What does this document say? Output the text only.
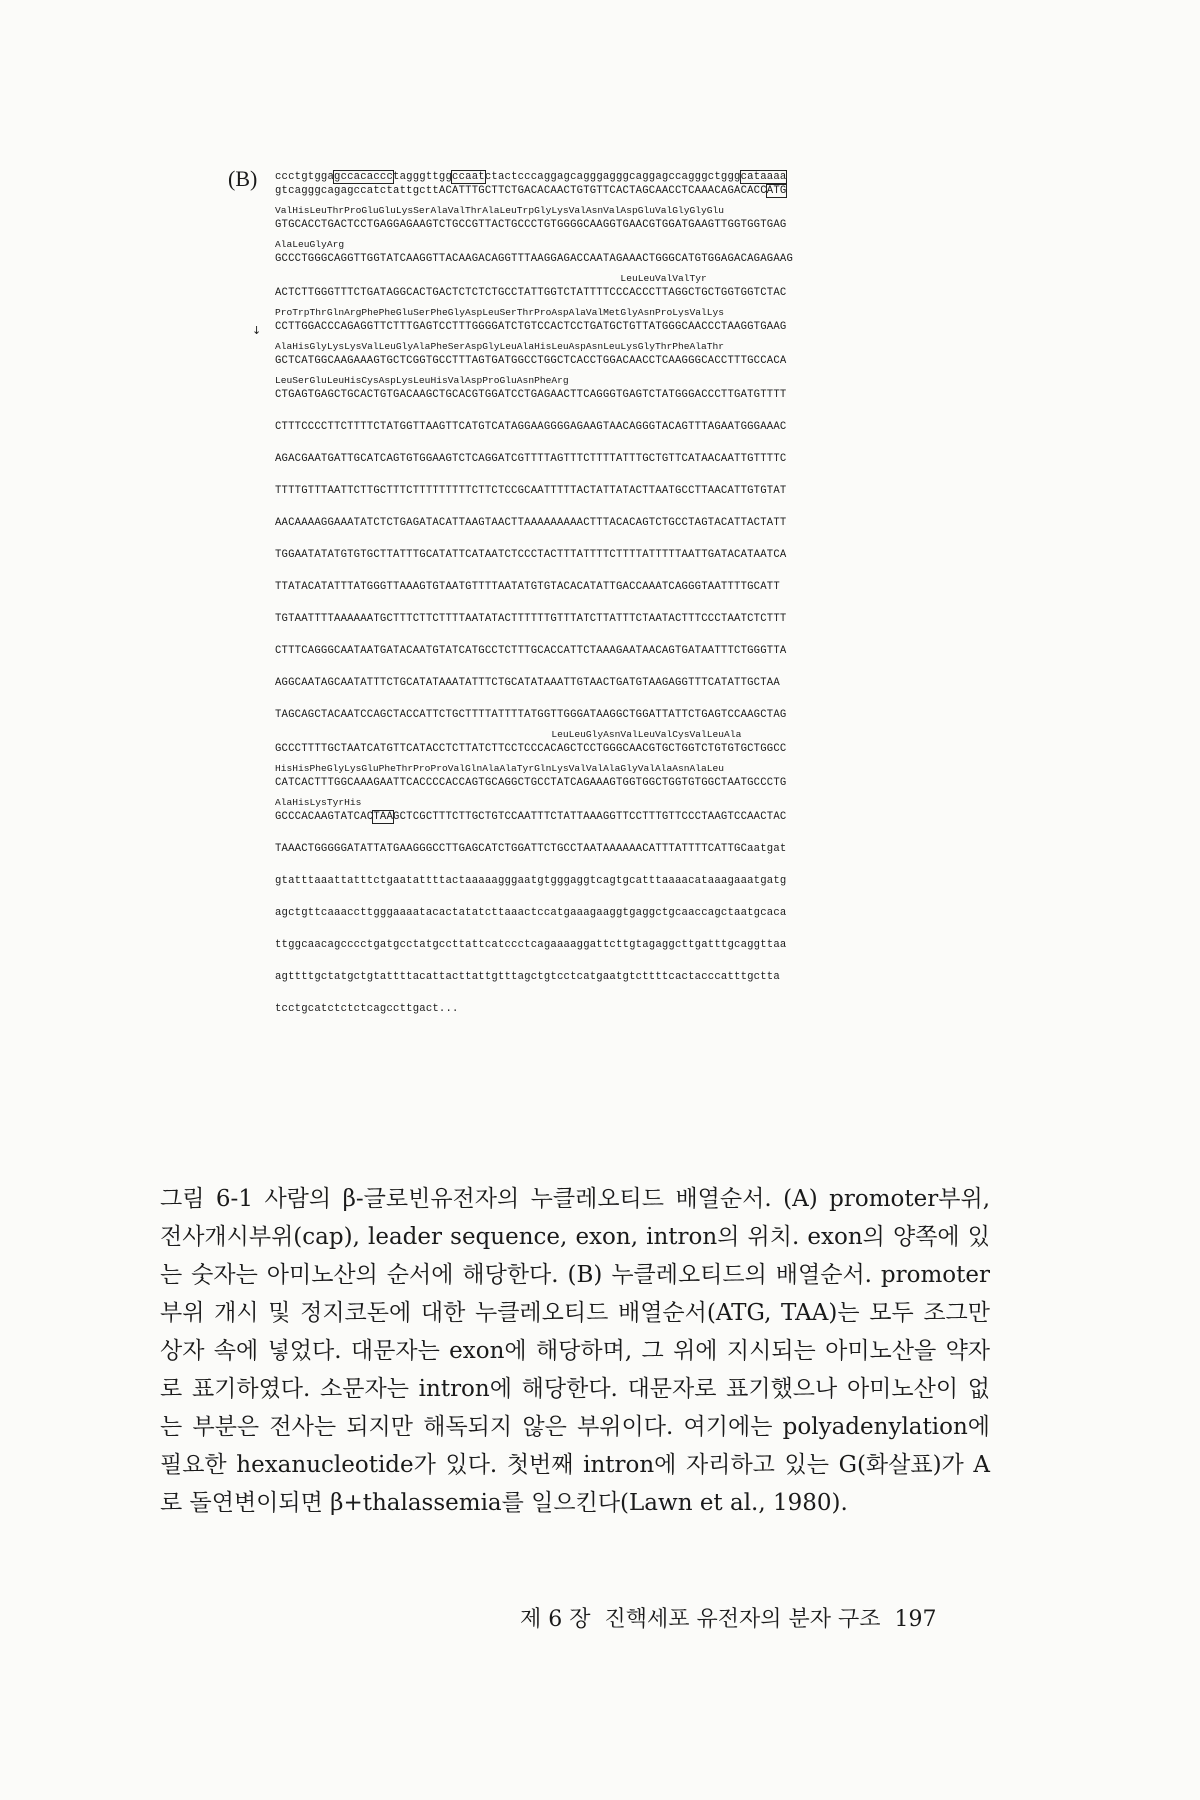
(B)
↓
ccctgtggagccacaccctagggttggccaatctactcccaggagcagggagggcaggagccagggctgggcataaaa
gtcagggcagagccatctattgcttACATTTGCTTCTGACACAACTGTGTTCACTAGCAACCTCAAACAGACACCATG
ValHisLeuThrProGluGluLysSerAlaValThrAlaLeuTrpGlyLysValAsnValAspGluValGlyGlyGlu
GTGCACCTGACTCCTGAGGAGAAGTCTGCCGTTACTGCCCTGTGGGGCAAGGTGAACGTGGATGAAGTTGGTGGTGAG
AlaLeuGlyArg
GCCCTGGGCAGGTTGGTATCAAGGTTACAAGACAGGTTTAAGGAGACCAATAGAAACTGGGCATGTGGAGACAGAGAAG
LeuLeuValValTyr
ACTCTTGGGTTTCTGATAGGCACTGACTCTCTCTGCCTATTGGTCTATTTTCCCACCCTTAGGCTGCTGGTGGTCTAC
ProTrpThrGlnArgPhePheGluSerPheGlyAspLeuSerThrProAspAlaValMetGlyAsnProLysValLys
CCTTGGACCCAGAGGTTCTTTGAGTCCTTTGGGGATCTGTCCACTCCTGATGCTGTTATGGGCAACCCTAAGGTGAAG
AlaHisGlyLysLysValLeuGlyAlaPheSerAspGlyLeuAlaHisLeuAspAsnLeuLysGlyThrPheAlaThr
GCTCATGGCAAGAAAGTGCTCGGTGCCTTTAGTGATGGCCTGGCTCACCTGGACAACCTCAAGGGCACCTTTGCCACA
LeuSerGluLeuHisCysAspLysLeuHisValAspProGluAsnPheArg
CTGAGTGAGCTGCACTGTGACAAGCTGCACGTGGATCCTGAGAACTTCAGGGTGAGTCTATGGGACCCTTGATGTTTT
CTTTCCCCTTCTTTTCTATGGTTAAGTTCATGTCATAGGAAGGGGAGAAGTAACAGGGTACAGTTTAGAATGGGAAAC
AGACGAATGATTGCATCAGTGTGGAAGTCTCAGGATCGTTTTAGTTTCTTTTATTTGCTGTTCATAACAATTGTTTTC
TTTTGTTTAATTCTTGCTTTCTTTTTTTTTCTTCTCCGCAATTTTTACTATTATACTTAATGCCTTAACATTGTGTAT
AACAAAAGGAAATATCTCTGAGATACATTAAGTAACTTAAAAAAAAACTTTACACAGTCTGCCTAGTACATTACTATT
TGGAATATATGTGTGCTTATTTGCATATTCATAATCTCCCTACTTTATTTTCTTTTATTTTTAATTGATACATAATCA
TTATACATATTTATGGGTTAAAGTGTAATGTTTTAATATGTGTACACATATTGACCAAATCAGGGTAATTTTGCATT
TGTAATTTTAAAAAATGCTTTCTTCTTTTAATATACTTTTTTGTTTATCTTATTTCTAATACTTTCCCTAATCTCTTT
CTTTCAGGGCAATAATGATACAATGTATCATGCCTCTTTGCACCATTCTAAAGAATAACAGTGATAATTTCTGGGTTA
AGGCAATAGCAATATTTCTGCATATAAATATTTCTGCATATAAATTGTAACTGATGTAAGAGGTTTCATATTGCTAA
TAGCAGCTACAATCCAGCTACCATTCTGCTTTTATTTTATGGTTGGGATAAGGCTGGATTATTCTGAGTCCAAGCTAG
LeuLeuGlyAsnValLeuValCysValLeuAla
GCCCTTTTGCTAATCATGTTCATACCTCTTATCTTCCTCCCACAGCTCCTGGGCAACGTGCTGGTCTGTGTGCTGGCC
HisHisPheGlyLysGluPheThrProProValGlnAlaAlaTyrGlnLysValValAlaGlyValAlaAsnAlaLeu
CATCACTTTGGCAAAGAATTCACCCCACCAGTGCAGGCTGCCTATCAGAAAGTGGTGGCTGGTGTGGCTAATGCCCTG
AlaHisLysTyrHis
GCCCACAAGTATCACTAAGCTCGCTTTCTTGCTGTCCAATTTCTATTAAAGGTTCCTTTGTTCCCTAAGTCCAACTAC
TAAACTGGGGGATATTATGAAGGGCCTTGAGCATCTGGATTCTGCCTAATAAAAAACATTTATTTTCATTGCaatgat
gtatttaaattatttctgaatattttactaaaaagggaatgtgggaggtcagtgcatttaaaacataaagaaatgatg
agctgttcaaaccttgggaaaatacactatatcttaaactccatgaaagaaggtgaggctgcaaccagctaatgcaca
ttggcaacagcccctgatgcctatgccttattcatccctcagaaaaggattcttgtagaggcttgatttgcaggttaa
agttttgctatgctgtattttacattacttattgtttagctgtcctcatgaatgtcttttcactacccatttgctta
tcctgcatctctctcagccttgact...
그림 6-1 사람의 β-글로빈유전자의 누클레오티드 배열순서. (A) promoter부위, 전사개시부위(cap), leader sequence, exon, intron의 위치. exon의 양쪽에 있는 숫자는 아미노산의 순서에 해당한다. (B) 누클레오티드의 배열순서. promoter 부위 개시 및 정지코돈에 대한 누클레오티드 배열순서(ATG, TAA)는 모두 조그만 상자 속에 넣었다. 대문자는 exon에 해당하며, 그 위에 지시되는 아미노산을 약자로 표기하였다. 소문자는 intron에 해당한다. 대문자로 표기했으나 아미노산이 없는 부분은 전사는 되지만 해독되지 않은 부위이다. 여기에는 polyadenylation에 필요한 hexanucleotide가 있다. 첫번째 intron에 자리하고 있는 G(화살표)가 A로 돌연변이되면 β+thalassemia를 일으킨다(Lawn et al., 1980).
제 6 장  진핵세포 유전자의 분자 구조  197
